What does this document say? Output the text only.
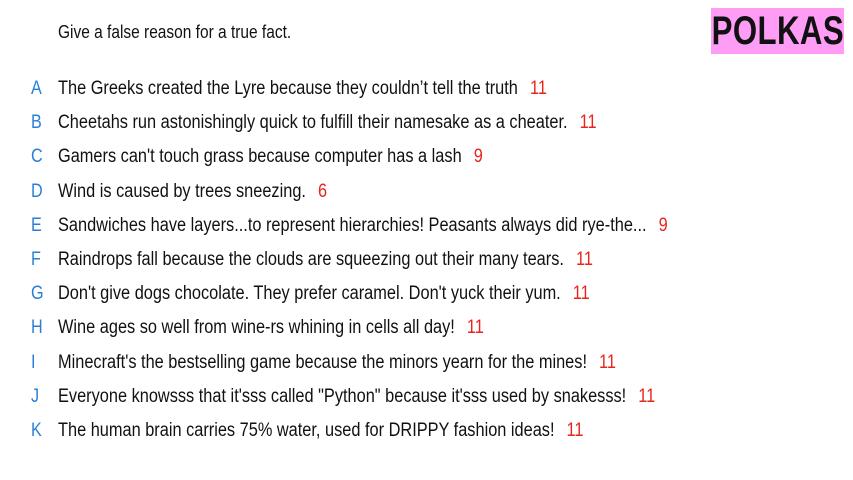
Give a false reason for a true fact.	POLKAS
A The Greeks created the Lyre because they couldn’t tell the truth 11
B Cheetahs run astonishingly quick to fulfill their namesake as a cheater. 11
C Gamers can't touch grass because computer has a lash 9
D Wind is caused by trees sneezing. 6
E Sandwiches have layers...to represent hierarchies! Peasants always did rye-the... 9
F Raindrops fall because the clouds are squeezing out their many tears. 11
G Don't give dogs chocolate. They prefer caramel. Don't yuck their yum. 11
H Wine ages so well from wine-rs whining in cells all day! 11
I	Minecraft's the bestselling game because the minors yearn for the mines! 11
J Everyone knowsss that it'sss called "Python" because it'sss used by snakesss! 11
K The human brain carries 75% water, used for DRIPPY fashion ideas! 11
